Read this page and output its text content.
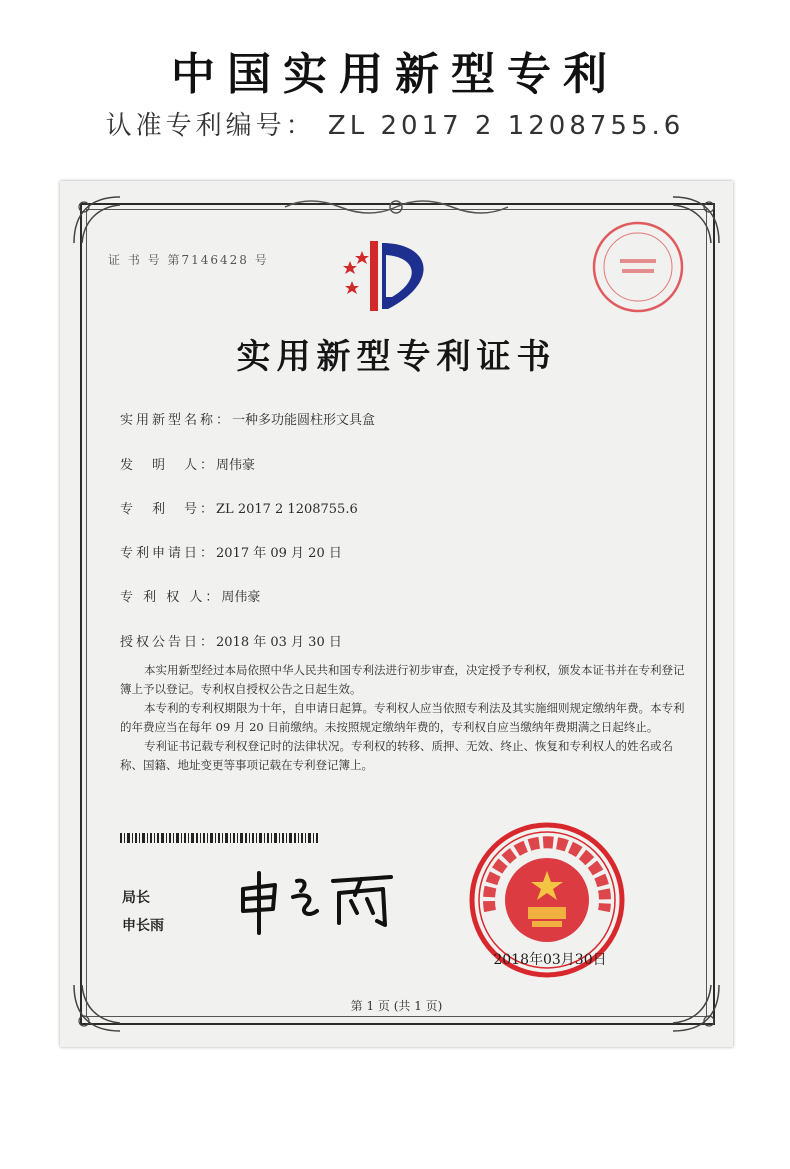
中国实用新型专利
认准专利编号： ZL 2017 2 1208755.6
证 书 号 第7146428 号
实用新型专利证书
实用新型名称：一种多功能圆柱形文具盒
发　明　人：周伟豪
专　利　号：ZL 2017 2 1208755.6
专利申请日：2017 年 09 月 20 日
专 利 权 人：周伟豪
授权公告日：2018 年 03 月 30 日

本实用新型经过本局依照中华人民共和国专利法进行初步审查，决定授予专利权，颁发本证书并在专利登记簿上予以登记。专利权自授权公告之日起生效。

本专利的专利权期限为十年，自申请日起算。专利权人应当依照专利法及其实施细则规定缴纳年费。本专利的年费应当在每年 09 月 20 日前缴纳。未按照规定缴纳年费的，专利权自应当缴纳年费期满之日起终止。

专利证书记载专利权登记时的法律状况。专利权的转移、质押、无效、终止、恢复和专利权人的姓名或名称、国籍、地址变更等事项记载在专利登记簿上。

局长
申长雨
2018年03月30日
第 1 页 (共 1 页)
